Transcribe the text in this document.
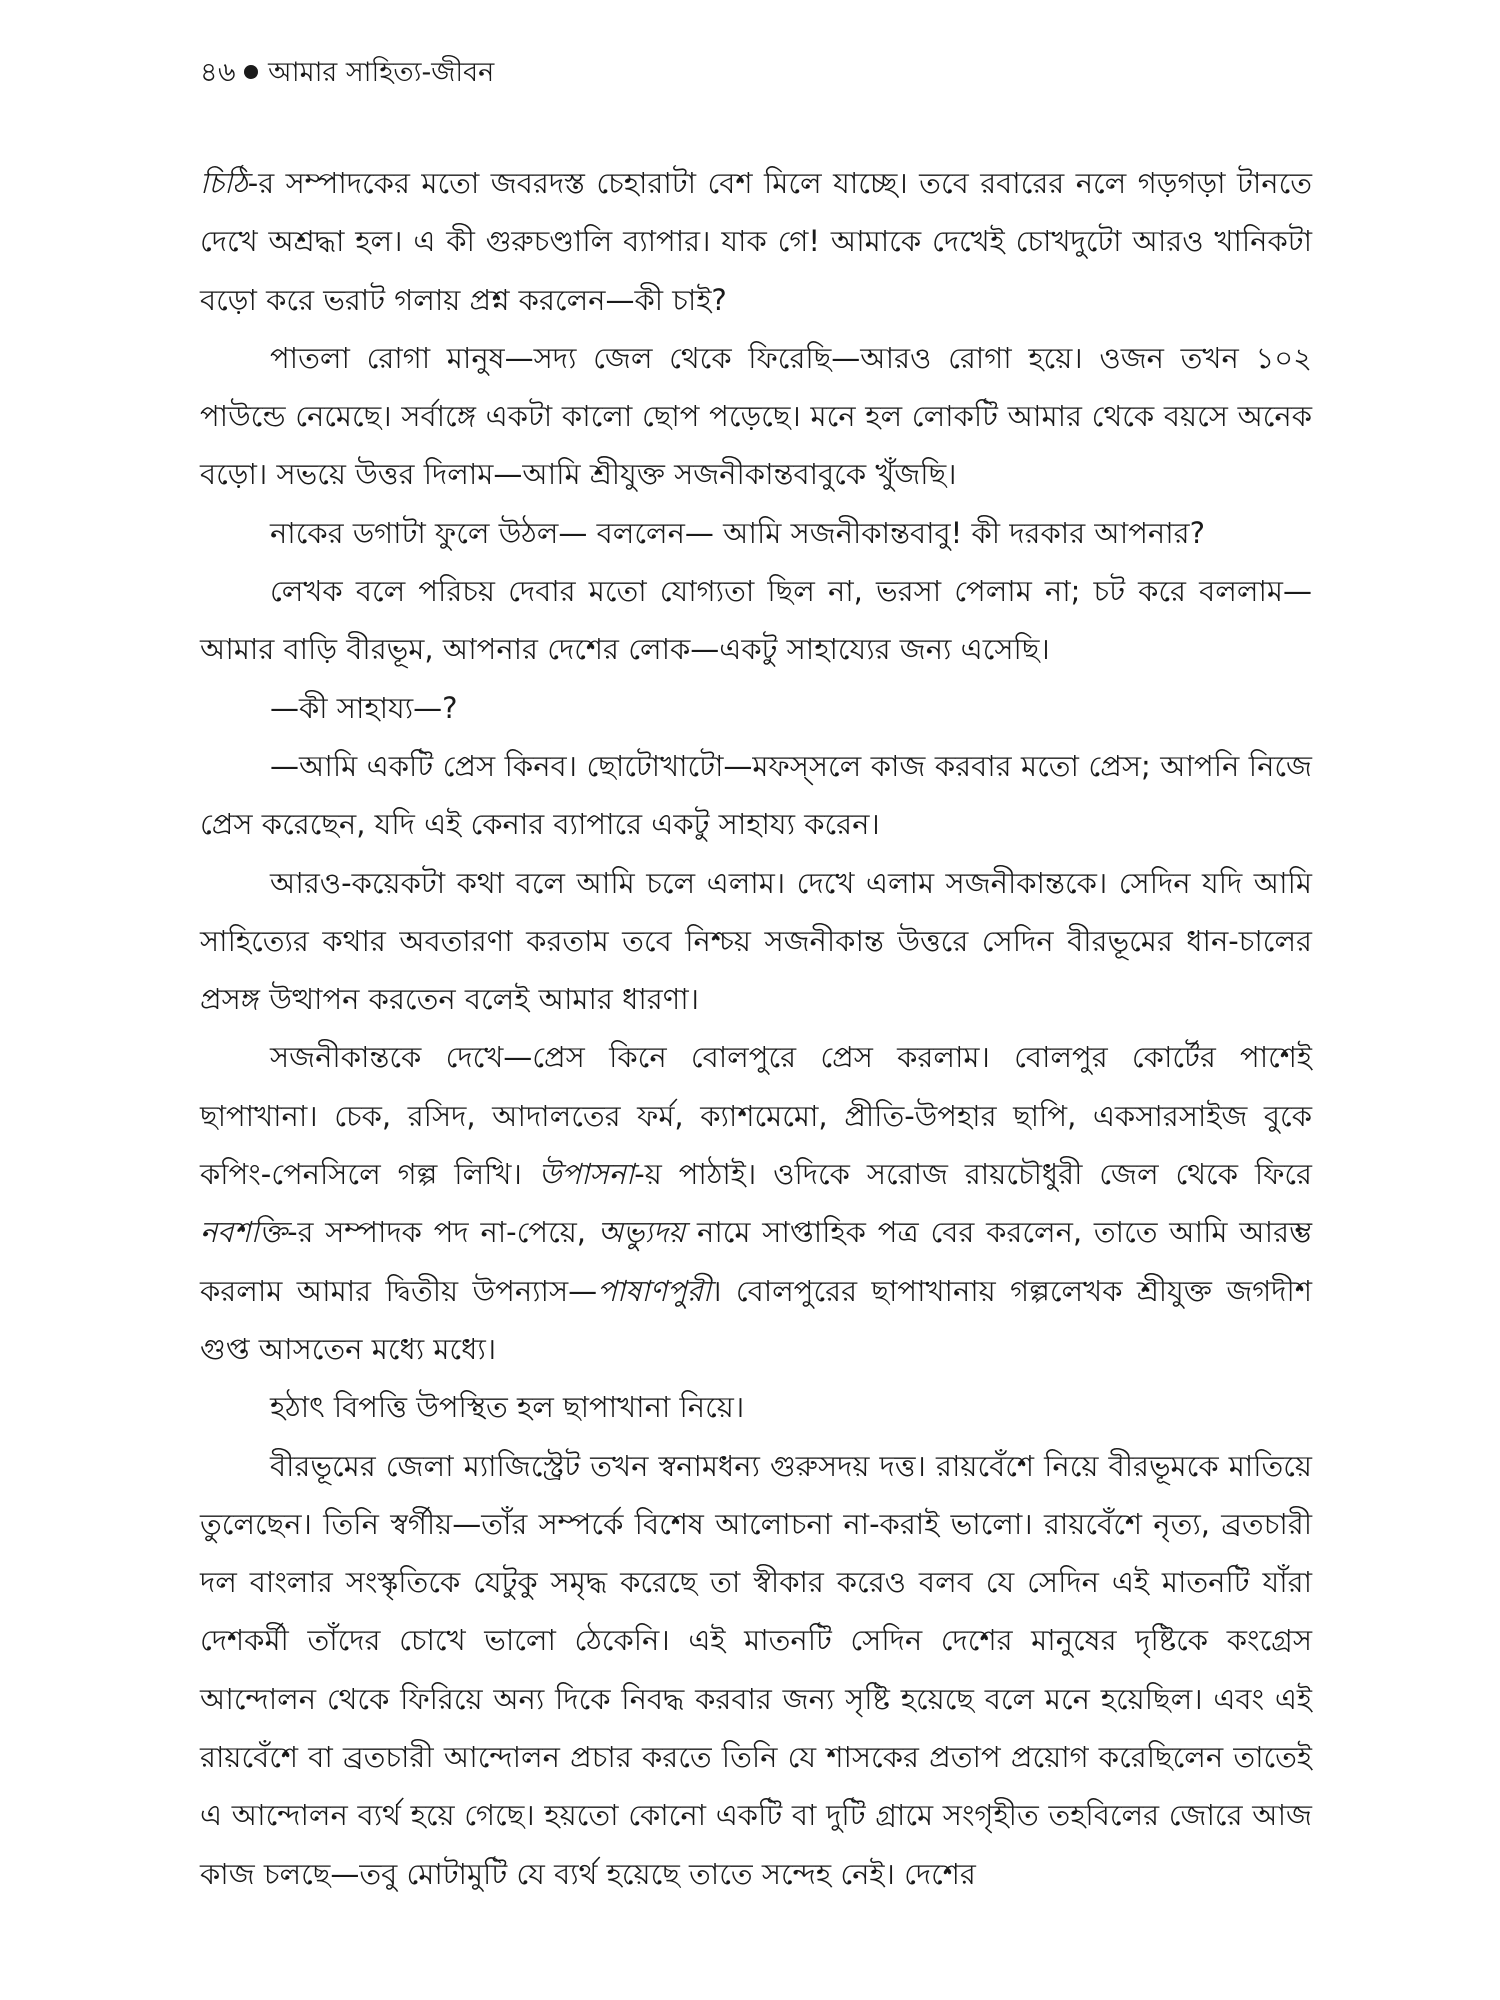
৪৬ আমার সাহিত্য-জীবন

চিঠি-র সম্পাদকের মতো জবরদস্ত চেহারাটা বেশ মিলে যাচ্ছে। তবে রবারের নলে গড়গড়া টানতে দেখে অশ্রদ্ধা হল। এ কী গুরুচণ্ডালি ব্যাপার। যাক গে! আমাকে দেখেই চোখদুটো আরও খানিকটা বড়ো করে ভরাট গলায় প্রশ্ন করলেন—কী চাই?

পাতলা রোগা মানুষ—সদ্য জেল থেকে ফিরেছি—আরও রোগা হয়ে। ওজন তখন ১০২ পাউন্ডে নেমেছে। সর্বাঙ্গে একটা কালো ছোপ পড়েছে। মনে হল লোকটি আমার থেকে বয়সে অনেক বড়ো। সভয়ে উত্তর দিলাম—আমি শ্রীযুক্ত সজনীকান্তবাবুকে খুঁজছি।

নাকের ডগাটা ফুলে উঠল— বললেন— আমি সজনীকান্তবাবু! কী দরকার আপনার?

লেখক বলে পরিচয় দেবার মতো যোগ্যতা ছিল না, ভরসা পেলাম না; চট করে বললাম— আমার বাড়ি বীরভূম, আপনার দেশের লোক—একটু সাহায্যের জন্য এসেছি।

—কী সাহায্য—?

—আমি একটি প্রেস কিনব। ছোটোখাটো—মফস্‌সলে কাজ করবার মতো প্রেস; আপনি নিজে প্রেস করেছেন, যদি এই কেনার ব্যাপারে একটু সাহায্য করেন।

আরও-কয়েকটা কথা বলে আমি চলে এলাম। দেখে এলাম সজনীকান্তকে। সেদিন যদি আমি সাহিত্যের কথার অবতারণা করতাম তবে নিশ্চয় সজনীকান্ত উত্তরে সেদিন বীরভূমের ধান-চালের প্রসঙ্গ উত্থাপন করতেন বলেই আমার ধারণা।

সজনীকান্তকে দেখে—প্রেস কিনে বোলপুরে প্রেস করলাম। বোলপুর কোর্টের পাশেই ছাপাখানা। চেক, রসিদ, আদালতের ফর্ম, ক্যাশমেমো, প্রীতি-উপহার ছাপি, একসারসাইজ বুকে কপিং-পেনসিলে গল্প লিখি। উপাসনা-য় পাঠাই। ওদিকে সরোজ রায়চৌধুরী জেল থেকে ফিরে নবশক্তি-র সম্পাদক পদ না-পেয়ে, অভ্যুদয় নামে সাপ্তাহিক পত্র বের করলেন, তাতে আমি আরম্ভ করলাম আমার দ্বিতীয় উপন্যাস—পাষাণপুরী। বোলপুরের ছাপাখানায় গল্পলেখক শ্রীযুক্ত জগদীশ গুপ্ত আসতেন মধ্যে মধ্যে।

হঠাৎ বিপত্তি উপস্থিত হল ছাপাখানা নিয়ে।

বীরভূমের জেলা ম্যাজিস্ট্রেট তখন স্বনামধন্য গুরুসদয় দত্ত। রায়বেঁশে নিয়ে বীরভূমকে মাতিয়ে তুলেছেন। তিনি স্বর্গীয়—তাঁর সম্পর্কে বিশেষ আলোচনা না-করাই ভালো। রায়বেঁশে নৃত্য, ব্রতচারী দল বাংলার সংস্কৃতিকে যেটুকু সমৃদ্ধ করেছে তা স্বীকার করেও বলব যে সেদিন এই মাতনটি যাঁরা দেশকর্মী তাঁদের চোখে ভালো ঠেকেনি। এই মাতনটি সেদিন দেশের মানুষের দৃষ্টিকে কংগ্রেস আন্দোলন থেকে ফিরিয়ে অন্য দিকে নিবদ্ধ করবার জন্য সৃষ্টি হয়েছে বলে মনে হয়েছিল। এবং এই রায়বেঁশে বা ব্রতচারী আন্দোলন প্রচার করতে তিনি যে শাসকের প্রতাপ প্রয়োগ করেছিলেন তাতেই এ আন্দোলন ব্যর্থ হয়ে গেছে। হয়তো কোনো একটি বা দুটি গ্রামে সংগৃহীত তহবিলের জোরে আজ কাজ চলছে—তবু মোটামুটি যে ব্যর্থ হয়েছে তাতে সন্দেহ নেই। দেশের
